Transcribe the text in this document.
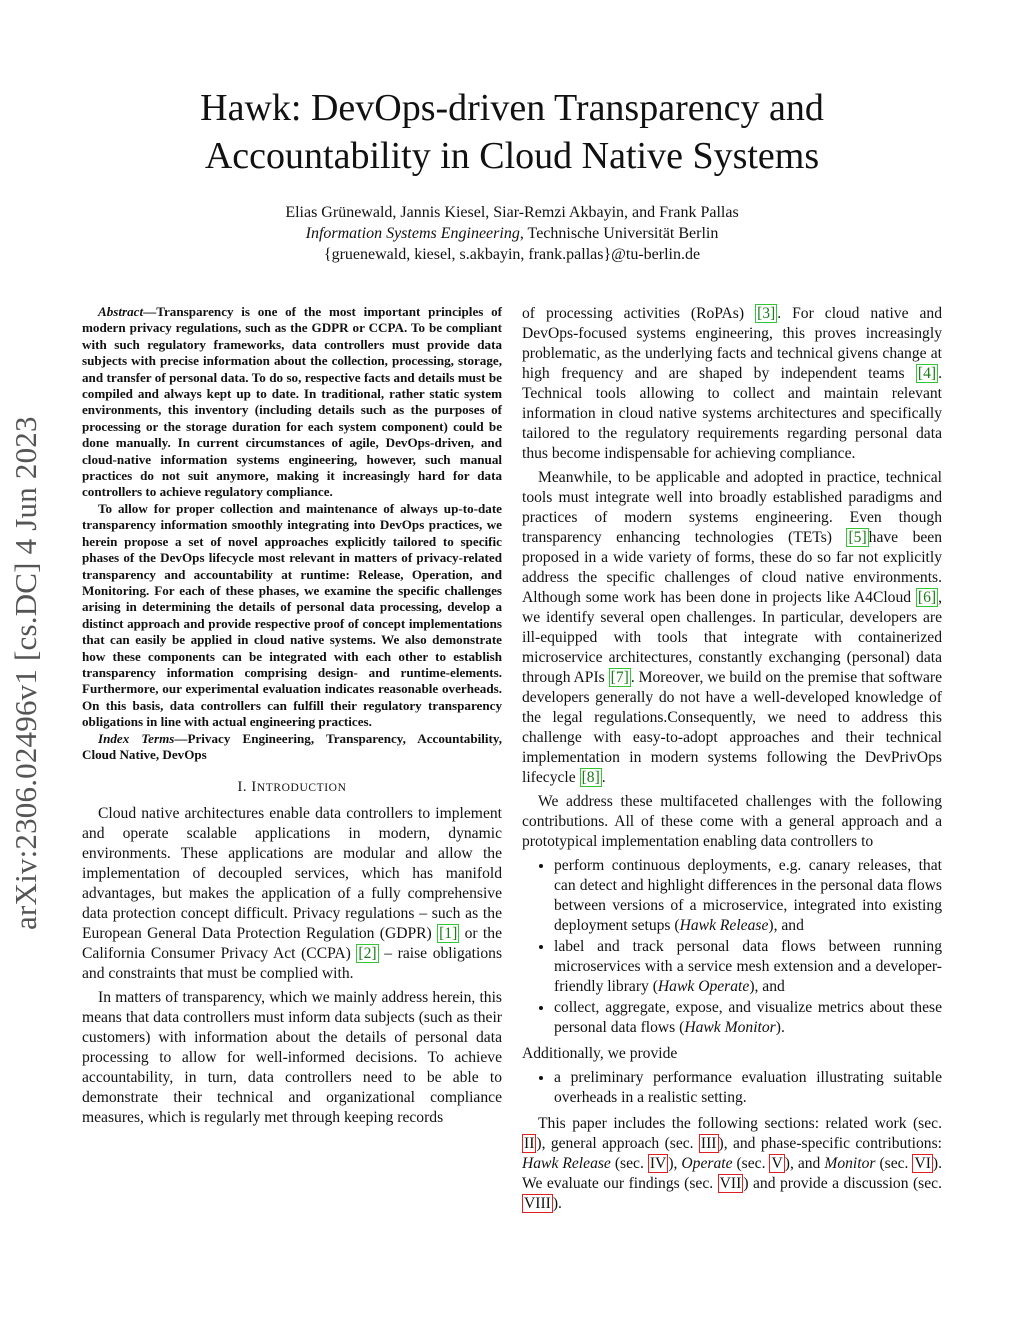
Hawk: DevOps-driven Transparency and
Accountability in Cloud Native Systems
Elias Grünewald, Jannis Kiesel, Siar-Remzi Akbayin, and Frank Pallas
Information Systems Engineering, Technische Universität Berlin
{gruenewald, kiesel, s.akbayin, frank.pallas}@tu-berlin.de
arXiv:2306.02496v1 [cs.DC] 4 Jun 2023

Abstract—Transparency is one of the most important principles of modern privacy regulations, such as the GDPR or CCPA. To be compliant with such regulatory frameworks, data controllers must provide data subjects with precise information about the collection, processing, storage, and transfer of personal data. To do so, respective facts and details must be compiled and always kept up to date. In traditional, rather static system environments, this inventory (including details such as the purposes of processing or the storage duration for each system component) could be done manually. In current circumstances of agile, DevOps-driven, and cloud-native information systems engineering, however, such manual practices do not suit anymore, making it increasingly hard for data controllers to achieve regulatory compliance.

To allow for proper collection and maintenance of always up-to-date transparency information smoothly integrating into DevOps practices, we herein propose a set of novel approaches explicitly tailored to specific phases of the DevOps lifecycle most relevant in matters of privacy-related transparency and accountability at runtime: Release, Operation, and Monitoring. For each of these phases, we examine the specific challenges arising in determining the details of personal data processing, develop a distinct approach and provide respective proof of concept implementations that can easily be applied in cloud native systems. We also demonstrate how these components can be integrated with each other to establish transparency information comprising design- and runtime-elements. Furthermore, our experimental evaluation indicates reasonable overheads. On this basis, data controllers can fulfill their regulatory transparency obligations in line with actual engineering practices.

Index Terms—Privacy Engineering, Transparency, Accountability, Cloud Native, DevOps

I. INTRODUCTION

Cloud native architectures enable data controllers to implement and operate scalable applications in modern, dynamic environments. These applications are modular and allow the implementation of decoupled services, which has manifold advantages, but makes the application of a fully comprehensive data protection concept difficult. Privacy regulations – such as the European General Data Protection Regulation (GDPR) [1] or the California Consumer Privacy Act (CCPA) [2] – raise obligations and constraints that must be complied with.

In matters of transparency, which we mainly address herein, this means that data controllers must inform data subjects (such as their customers) with information about the details of personal data processing to allow for well-informed decisions. To achieve accountability, in turn, data controllers need to be able to demonstrate their technical and organizational compliance measures, which is regularly met through keeping records

of processing activities (RoPAs) [3] . For cloud native and DevOps-focused systems engineering, this proves increasingly problematic, as the underlying facts and technical givens change at high frequency and are shaped by independent teams [4] . Technical tools allowing to collect and maintain relevant information in cloud native systems architectures and specifically tailored to the regulatory requirements regarding personal data thus become indispensable for achieving compliance.

Meanwhile, to be applicable and adopted in practice, technical tools must integrate well into broadly established paradigms and practices of modern systems engineering. Even though transparency enhancing technologies (TETs) [5] have been proposed in a wide variety of forms, these do so far not explicitly address the specific challenges of cloud native environments. Although some work has been done in projects like A4Cloud [6] , we identify several open challenges. In particular, developers are ill-equipped with tools that integrate with containerized microservice architectures, constantly exchanging (personal) data through APIs [7] . Moreover, we build on the premise that software developers generally do not have a well-developed knowledge of the legal regulations.Consequently, we need to address this challenge with easy-to-adopt approaches and their technical implementation in modern systems following the DevPrivOps lifecycle [8] .

We address these multifaceted challenges with the following contributions. All of these come with a general approach and a prototypical implementation enabling data controllers to

• perform continuous deployments, e.g. canary releases, that can detect and highlight differences in the personal data flows between versions of a microservice, integrated into existing deployment setups (Hawk Release), and
• label and track personal data flows between running microservices with a service mesh extension and a developer-friendly library (Hawk Operate), and
• collect, aggregate, expose, and visualize metrics about these personal data flows (Hawk Monitor).

Additionally, we provide

• a preliminary performance evaluation illustrating suitable overheads in a realistic setting.

This paper includes the following sections: related work (sec. II ), general approach (sec. III ), and phase-specific contributions: Hawk Release (sec. IV ), Operate (sec. V ), and Monitor (sec. VI ). We evaluate our findings (sec. VII ) and provide a discussion (sec. VIII ).
